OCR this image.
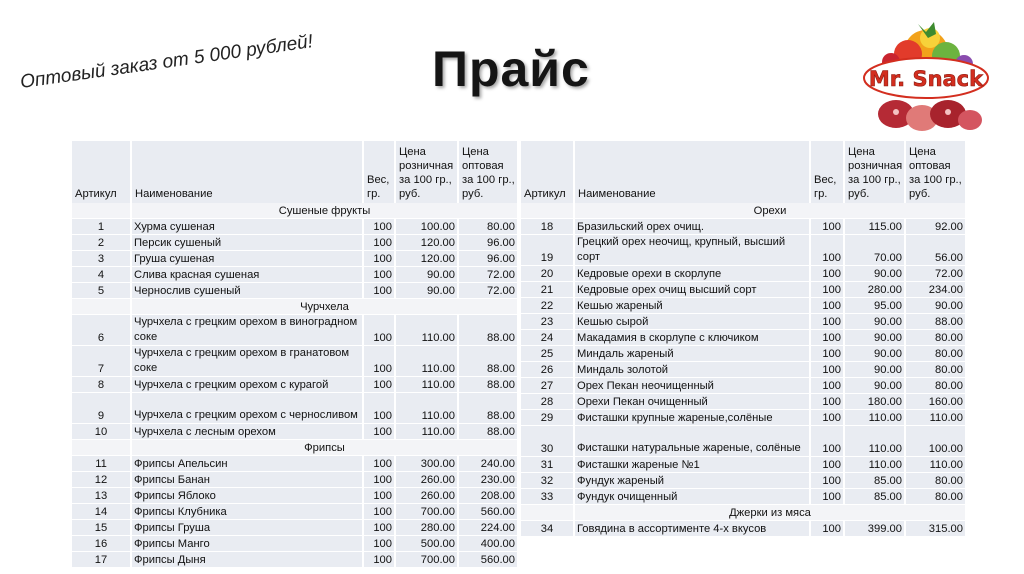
Прайс
Оптовый заказ от 5 000 рублей!	Mr. Snack
Артикул	Наименование	Вес, гр.	Цена розничная за 100 гр., руб.	Цена оптовая за 100 гр., руб.
	Сушеные фрукты			
1	Хурма сушеная	100	100.00	80.00
2	Персик сушеный	100	120.00	96.00
3	Груша сушеная	100	120.00	96.00
4	Слива красная сушеная	100	90.00	72.00
5	Чернослив сушеный	100	90.00	72.00
	Чурчхела			
6	Чурчхела с грецким орехом в виноградном соке	100	110.00	88.00
7	Чурчхела с грецким орехом в гранатовом соке	100	110.00	88.00
8	Чурчхела с грецким орехом с курагой	100	110.00	88.00
9	Чурчхела с грецким орехом с черносливом	100	110.00	88.00
10	Чурчхела с лесным орехом	100	110.00	88.00
	Фрипсы			
11	Фрипсы Апельсин	100	300.00	240.00
12	Фрипсы Банан	100	260.00	230.00
13	Фрипсы Яблоко	100	260.00	208.00
14	Фрипсы Клубника	100	700.00	560.00
15	Фрипсы Груша	100	280.00	224.00
16	Фрипсы Манго	100	500.00	400.00
17	Фрипсы Дыня	100	700.00	560.00
Артикул	Наименование	Вес, гр.	Цена розничная за 100 гр., руб.	Цена оптовая за 100 гр., руб.
	Орехи			
18	Бразильский орех очищ.	100	115.00	92.00
19	Грецкий орех неочищ, крупный, высший сорт	100	70.00	56.00
20	Кедровые орехи в скорлупе	100	90.00	72.00
21	Кедровые орех очищ высший сорт	100	280.00	234.00
22	Кешью жареный	100	95.00	90.00
23	Кешью сырой	100	90.00	88.00
24	Макадамия в скорлупе с ключиком	100	90.00	80.00
25	Миндаль жареный	100	90.00	80.00
26	Миндаль золотой	100	90.00	80.00
27	Орех Пекан неочищенный	100	90.00	80.00
28	Орехи Пекан очищенный	100	180.00	160.00
29	Фисташки крупные жареные,солёные	100	110.00	110.00
30	Фисташки натуральные жареные, солёные	100	110.00	100.00
31	Фисташки жареные №1	100	110.00	110.00
32	Фундук жареный	100	85.00	80.00
33	Фундук очищенный	100	85.00	80.00
	Джерки из мяса			
34	Говядина в ассортименте 4-х вкусов	100	399.00	315.00
